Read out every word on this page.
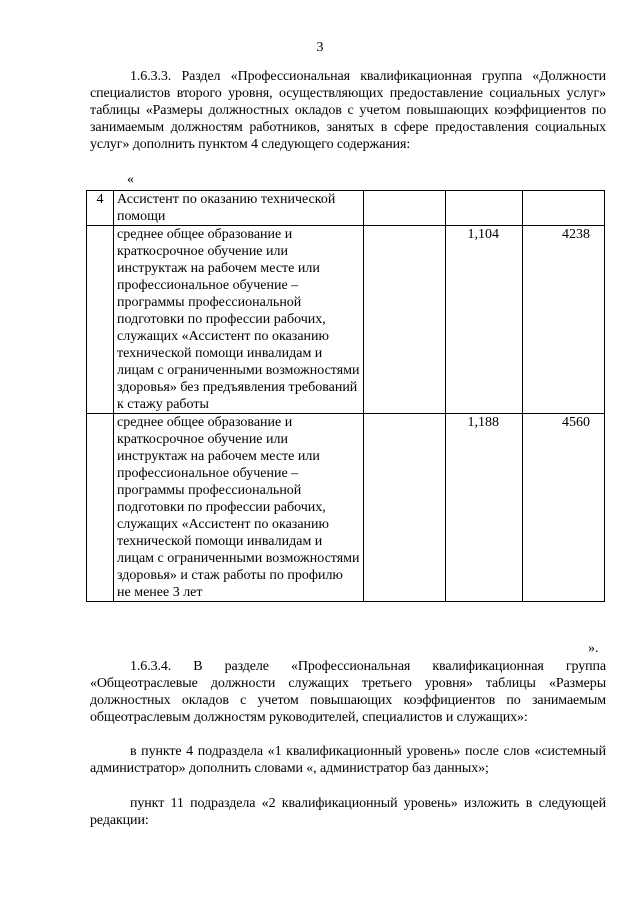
3

1.6.3.3. Раздел «Профессиональная квалификационная группа «Должности специалистов второго уровня, осуществляющих предоставление социальных услуг» таблицы «Размеры должностных окладов с учетом повышающих коэффициентов по занимаемым должностям работников, занятых в сфере предоставления социальных услуг» дополнить пунктом 4 следующего содержания:

«
4	Ассистент по оказанию технической помощи			
	среднее общее образование и краткосрочное обучение или инструктаж на рабочем месте или профессиональное обучение – программы профессиональной подготовки по профессии рабочих, служащих «Ассистент по оказанию технической помощи инвалидам и лицам с ограниченными возможностями здоровья» без предъявления требований к стажу работы		1,104	4238
	среднее общее образование и краткосрочное обучение или инструктаж на рабочем месте или профессиональное обучение – программы профессиональной подготовки по профессии рабочих, служащих «Ассистент по оказанию технической помощи инвалидам и лицам с ограниченными возможностями здоровья» и стаж работы по профилю не менее 3 лет		1,188	4560
».

1.6.3.4. В разделе «Профессиональная квалификационная группа «Общеотраслевые должности служащих третьего уровня» таблицы «Размеры должностных окладов с учетом повышающих коэффициентов по занимаемым общеотраслевым должностям руководителей, специалистов и служащих»:

в пункте 4 подраздела «1 квалификационный уровень» после слов «системный администратор» дополнить словами «, администратор баз данных»;

пункт 11 подраздела «2 квалификационный уровень» изложить в следующей редакции:
